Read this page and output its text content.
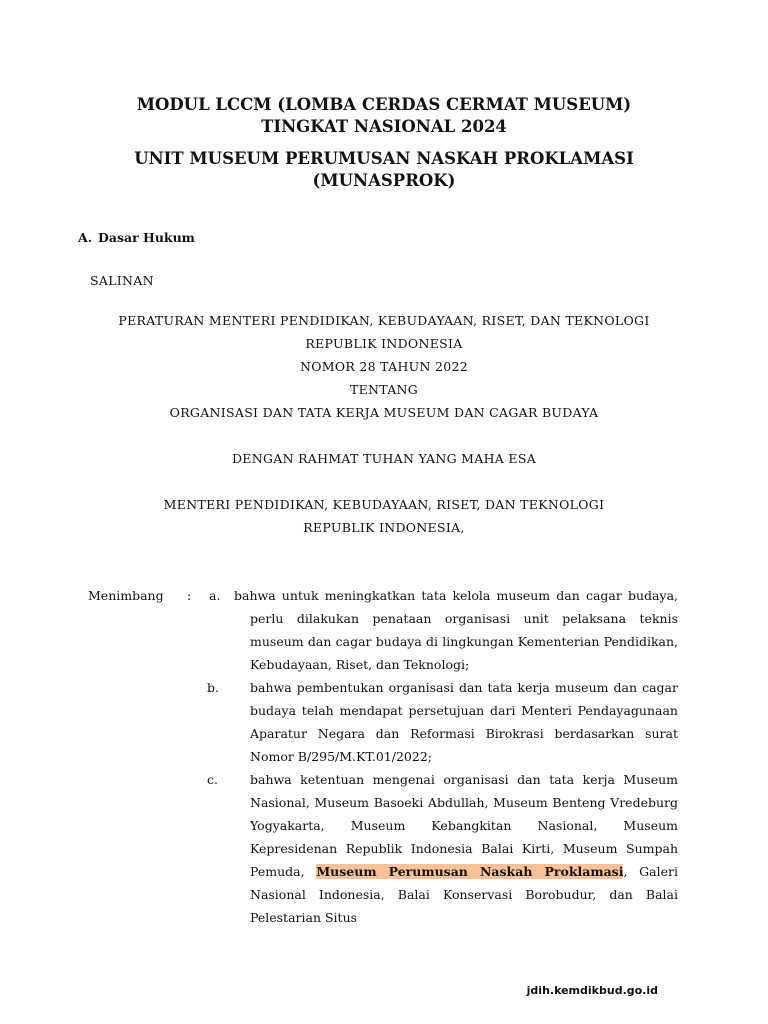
MODUL LCCM (LOMBA CERDAS CERMAT MUSEUM)
TINGKAT NASIONAL 2024
UNIT MUSEUM PERUMUSAN NASKAH PROKLAMASI
(MUNASPROK)
A. Dasar Hukum
SALINAN
PERATURAN MENTERI PENDIDIKAN, KEBUDAYAAN, RISET, DAN TEKNOLOGI
REPUBLIK INDONESIA
NOMOR 28 TAHUN 2022
TENTANG
ORGANISASI DAN TATA KERJA MUSEUM DAN CAGAR BUDAYA
DENGAN RAHMAT TUHAN YANG MAHA ESA
MENTERI PENDIDIKAN, KEBUDAYAAN, RISET, DAN TEKNOLOGI
REPUBLIK INDONESIA,
Menimbang : a. bahwa untuk meningkatkan tata kelola museum dan cagar budaya, perlu dilakukan penataan organisasi unit pelaksana teknis museum dan cagar budaya di lingkungan Kementerian Pendidikan, Kebudayaan, Riset, dan Teknologi;
b. bahwa pembentukan organisasi dan tata kerja museum dan cagar budaya telah mendapat persetujuan dari Menteri Pendayagunaan Aparatur Negara dan Reformasi Birokrasi berdasarkan surat Nomor B/295/M.KT.01/2022;
c.	bahwa ketentuan mengenai organisasi dan tata kerja Museum Nasional, Museum Basoeki Abdullah, Museum Benteng Vredeburg Yogyakarta, Museum Kebangkitan Nasional, Museum Kepresidenan Republik Indonesia Balai Kirti, Museum Sumpah Pemuda, Museum Perumusan Naskah Proklamasi, Galeri Nasional Indonesia, Balai Konservasi Borobudur, dan Balai Pelestarian Situs
jdih.kemdikbud.go.id
